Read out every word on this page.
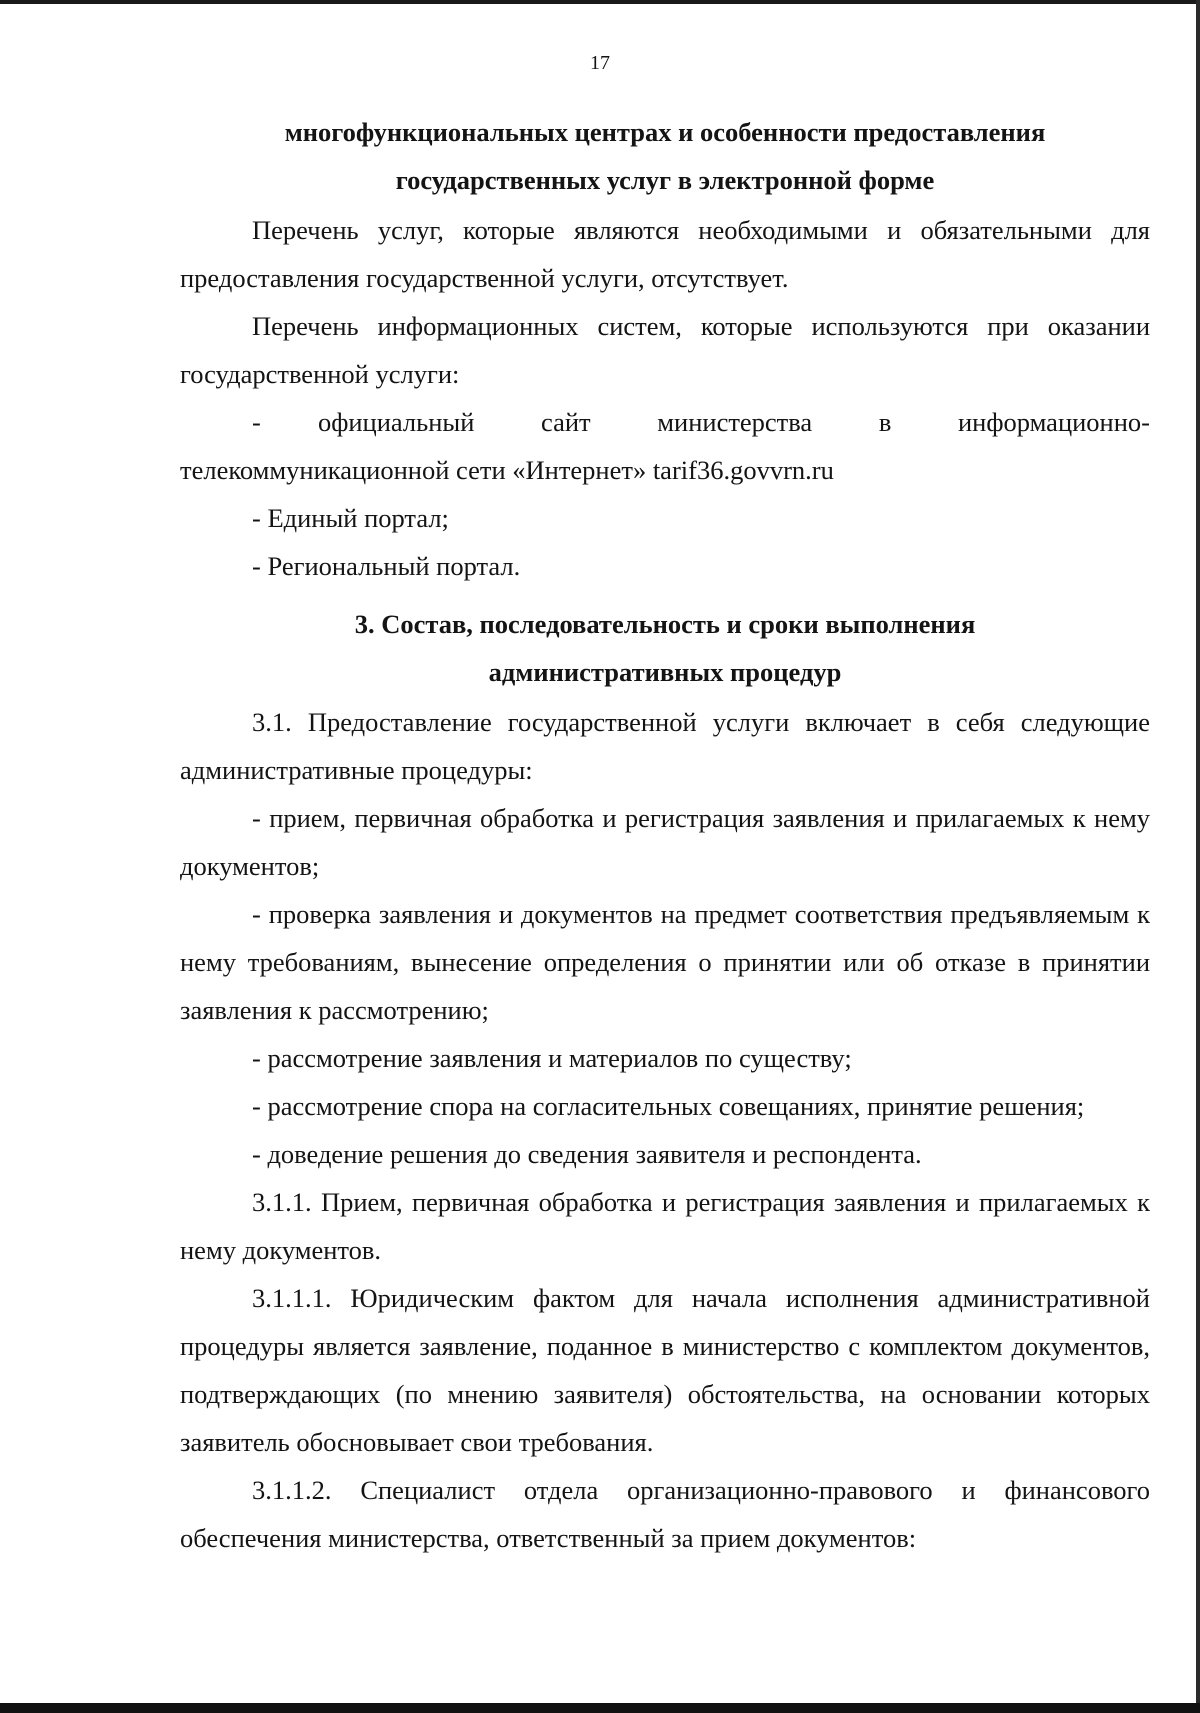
17
многофункциональных центрах и особенности предоставления
государственных услуг в электронной форме

Перечень услуг, которые являются необходимыми и обязательными для предоставления государственной услуги, отсутствует.

Перечень информационных систем, которые используются при оказании государственной услуги:

-      официальный       сайт       министерства       в       информационно-
телекоммуникационной сети «Интернет» tarif36.govvrn.ru

- Единый портал;

- Региональный портал.

3. Состав, последовательность и сроки выполнения
административных процедур

3.1. Предоставление государственной услуги включает в себя следующие административные процедуры:

- прием, первичная обработка и регистрация заявления и прилагаемых к нему документов;

- проверка заявления и документов на предмет соответствия предъявляемым к нему требованиям, вынесение определения о принятии или об отказе в принятии заявления к рассмотрению;

- рассмотрение заявления и материалов по существу;

- рассмотрение спора на согласительных совещаниях, принятие решения;

- доведение решения до сведения заявителя и респондента.

3.1.1. Прием, первичная обработка и регистрация заявления и прилагаемых к нему документов.

3.1.1.1. Юридическим фактом для начала исполнения административной процедуры является заявление, поданное в министерство с комплектом документов, подтверждающих (по мнению заявителя) обстоятельства, на основании которых заявитель обосновывает свои требования.

3.1.1.2. Специалист отдела организационно-правового и финансового обеспечения министерства, ответственный за прием документов:
